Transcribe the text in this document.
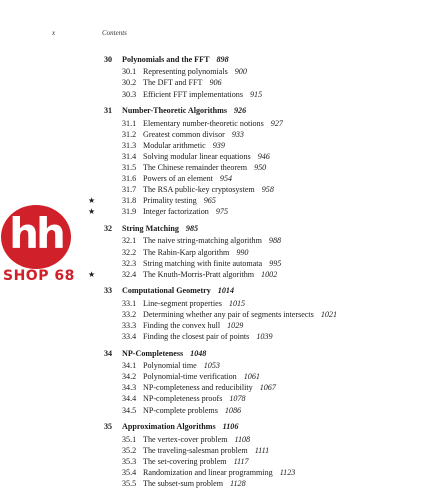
x	Contents
hh
SHOP 68
30 Polynomials and the FFT 898
30.1 Representing polynomials 900
30.2 The DFT and FFT 906
30.3 Efficient FFT implementations 915
31 Number-Theoretic Algorithms 926
31.1 Elementary number-theoretic notions 927
31.2 Greatest common divisor 933
31.3 Modular arithmetic 939
31.4 Solving modular linear equations 946
31.5 The Chinese remainder theorem 950
31.6 Powers of an element 954
31.7 The RSA public-key cryptosystem 958
★	31.8 Primality testing 965
★	31.9 Integer factorization 975
32 String Matching 985
32.1 The naive string-matching algorithm 988
32.2 The Rabin-Karp algorithm 990
32.3 String matching with finite automata 995
★	32.4 The Knuth-Morris-Pratt algorithm 1002
33 Computational Geometry 1014
33.1 Line-segment properties 1015
33.2 Determining whether any pair of segments intersects 1021
33.3 Finding the convex hull 1029
33.4 Finding the closest pair of points 1039
34 NP-Completeness 1048
34.1 Polynomial time 1053
34.2 Polynomial-time verification 1061
34.3 NP-completeness and reducibility 1067
34.4 NP-completeness proofs 1078
34.5 NP-complete problems 1086
35 Approximation Algorithms 1106
35.1 The vertex-cover problem 1108
35.2 The traveling-salesman problem 1111
35.3 The set-covering problem 1117
35.4 Randomization and linear programming 1123
35.5 The subset-sum problem 1128
